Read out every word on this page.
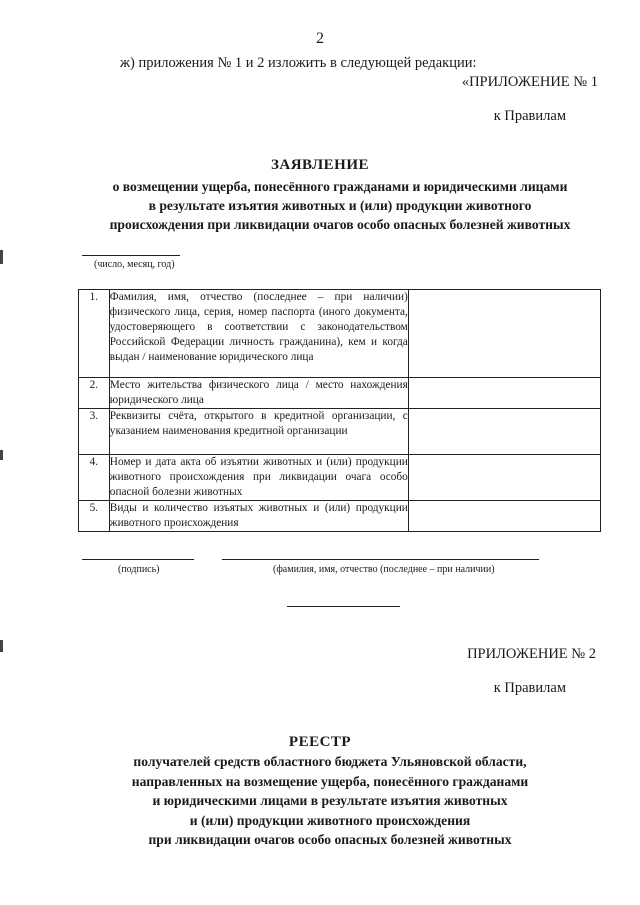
2
ж) приложения № 1 и 2 изложить в следующей редакции:
«ПРИЛОЖЕНИЕ № 1
к Правилам
ЗАЯВЛЕНИЕ
о возмещении ущерба, понесённого гражданами и юридическими лицами
в результате изъятия животных и (или) продукции животного
происхождения при ликвидации очагов особо опасных болезней животных
(число, месяц, год)
1.	Фамилия, имя, отчество (последнее – при наличии) физического лица, серия, номер паспорта (иного документа, удостоверяющего в соответствии с законодательством Российской Федерации личность гражданина), кем и когда выдан / наименование юридического лица	
2.	Место жительства физического лица / место нахождения юридического лица	
3.	Реквизиты счёта, открытого в кредитной организации, с указанием наименования кредитной организации	
4.	Номер и дата акта об изъятии животных и (или) продукции животного происхождения при ликвидации очага особо опасной болезни животных	
5.	Виды и количество изъятых животных и (или) продукции животного происхождения	
(подпись)	(фамилия, имя, отчество (последнее – при наличии)
ПРИЛОЖЕНИЕ № 2
к Правилам
РЕЕСТР
получателей средств областного бюджета Ульяновской области,
направленных на возмещение ущерба, понесённого гражданами
и юридическими лицами в результате изъятия животных
и (или) продукции животного происхождения
при ликвидации очагов особо опасных болезней животных
